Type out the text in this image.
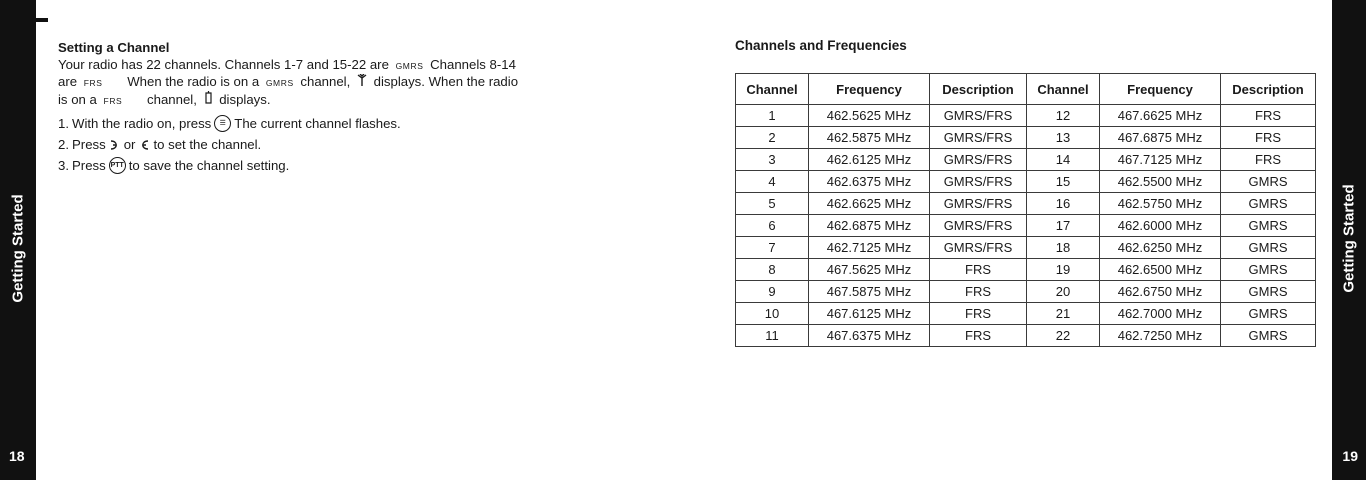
Getting Started
18
Getting Started
19
Setting a Channel

Your radio has 22 channels. Channels 1-7 and 15-22 are GMRS Channels 8-14
are FRS When the radio is on a GMRS channel, displays. When the radio
is on a FRS channel, displays.

1. With the radio on, press	☰ The current channel flashes.
2. Press or to set the channel.
3. Press PTT to save the channel setting.
Channels and Frequencies
Channel	Frequency	Description	Channel	Frequency	Description
1	462.5625 MHz	GMRS/FRS	12	467.6625 MHz	FRS
2	462.5875 MHz	GMRS/FRS	13	467.6875 MHz	FRS
3	462.6125 MHz	GMRS/FRS	14	467.7125 MHz	FRS
4	462.6375 MHz	GMRS/FRS	15	462.5500 MHz	GMRS
5	462.6625 MHz	GMRS/FRS	16	462.5750 MHz	GMRS
6	462.6875 MHz	GMRS/FRS	17	462.6000 MHz	GMRS
7	462.7125 MHz	GMRS/FRS	18	462.6250 MHz	GMRS
8	467.5625 MHz	FRS	19	462.6500 MHz	GMRS
9	467.5875 MHz	FRS	20	462.6750 MHz	GMRS
10	467.6125 MHz	FRS	21	462.7000 MHz	GMRS
11	467.6375 MHz	FRS	22	462.7250 MHz	GMRS
